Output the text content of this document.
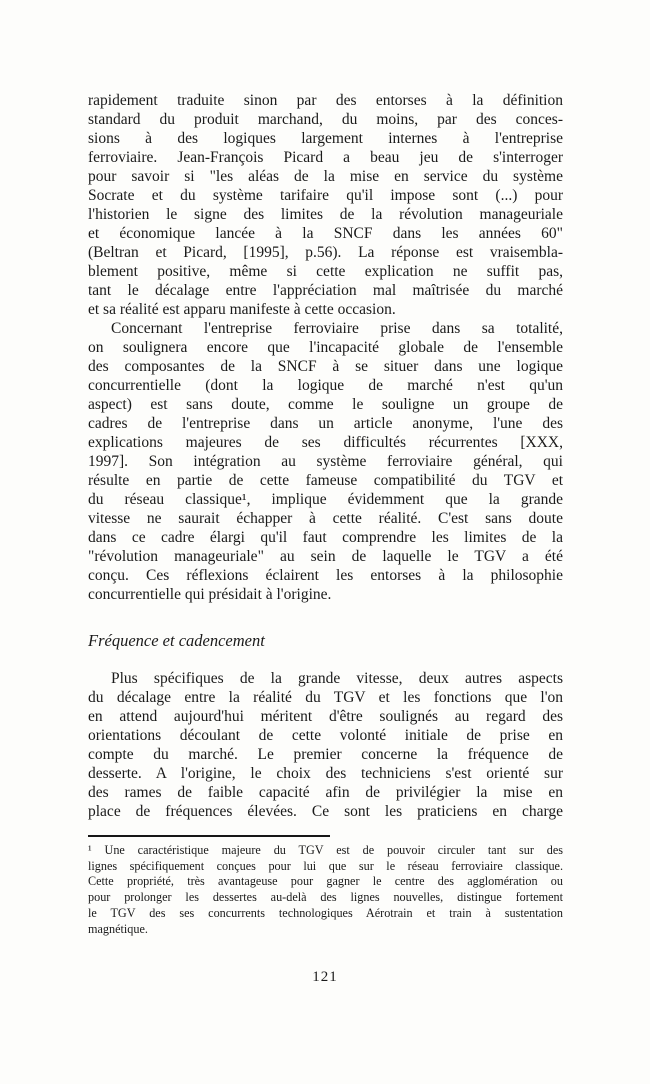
rapidement traduite sinon par des entorses à la définition
standard du produit marchand, du moins, par des conces-
sions à des logiques largement internes à l'entreprise
ferroviaire. Jean-François Picard a beau jeu de s'interroger
pour savoir si "les aléas de la mise en service du système
Socrate et du système tarifaire qu'il impose sont (...) pour
l'historien le signe des limites de la révolution manageuriale
et économique lancée à la SNCF dans les années 60"
(Beltran et Picard, [1995], p.56). La réponse est vraisembla-
blement positive, même si cette explication ne suffit pas,
tant le décalage entre l'appréciation mal maîtrisée du marché
et sa réalité est apparu manifeste à cette occasion.
Concernant l'entreprise ferroviaire prise dans sa totalité,
on soulignera encore que l'incapacité globale de l'ensemble
des composantes de la SNCF à se situer dans une logique
concurrentielle (dont la logique de marché n'est qu'un
aspect) est sans doute, comme le souligne un groupe de
cadres de l'entreprise dans un article anonyme, l'une des
explications majeures de ses difficultés récurrentes [XXX,
1997]. Son intégration au système ferroviaire général, qui
résulte en partie de cette fameuse compatibilité du TGV et
du réseau classique¹, implique évidemment que la grande
vitesse ne saurait échapper à cette réalité. C'est sans doute
dans ce cadre élargi qu'il faut comprendre les limites de la
"révolution manageuriale" au sein de laquelle le TGV a été
conçu. Ces réflexions éclairent les entorses à la philosophie
concurrentielle qui présidait à l'origine.
Fréquence et cadencement
Plus spécifiques de la grande vitesse, deux autres aspects
du décalage entre la réalité du TGV et les fonctions que l'on
en attend aujourd'hui méritent d'être soulignés au regard des
orientations découlant de cette volonté initiale de prise en
compte du marché. Le premier concerne la fréquence de
desserte. A l'origine, le choix des techniciens s'est orienté sur
des rames de faible capacité afin de privilégier la mise en
place de fréquences élevées. Ce sont les praticiens en charge
¹ Une caractéristique majeure du TGV est de pouvoir circuler tant sur des
lignes spécifiquement conçues pour lui que sur le réseau ferroviaire classique.
Cette propriété, très avantageuse pour gagner le centre des agglomération ou
pour prolonger les dessertes au-delà des lignes nouvelles, distingue fortement
le TGV des ses concurrents technologiques Aérotrain et train à sustentation
magnétique.
121
